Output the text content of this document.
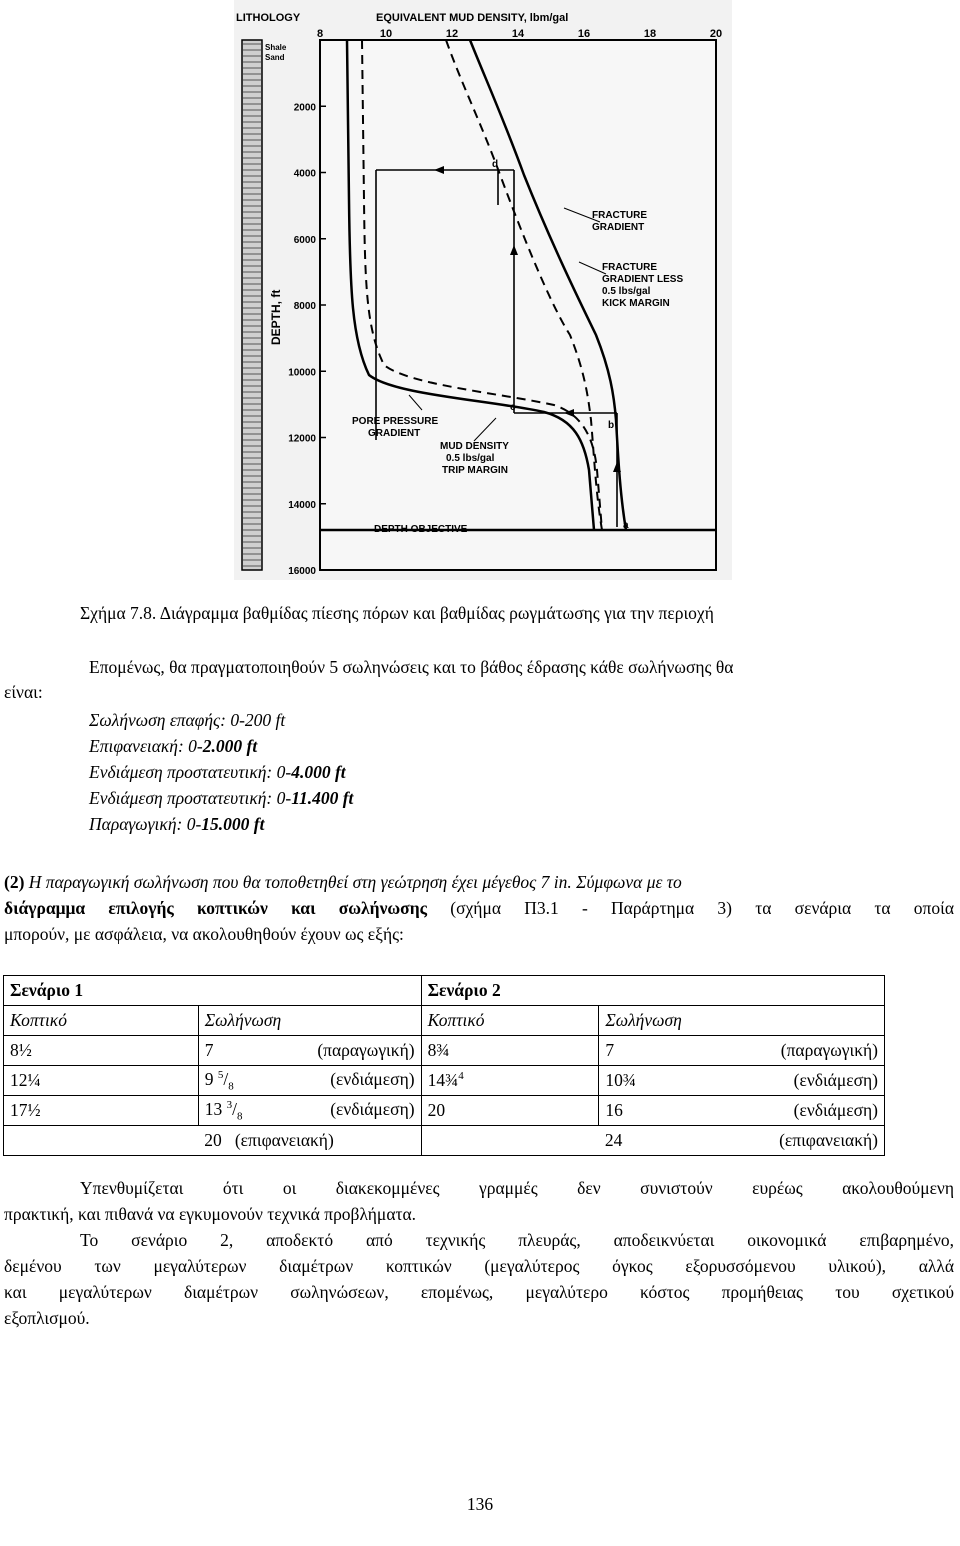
LITHOLOGY	EQUIVALENT MUD DENSITY, lbm/gal
Shale
Sand
8	10	12	14	16	18	20
2000
4000
6000
8000
10000
12000
14000
16000
DEPTH, ft
DEPTH OBJECTIVE	a
b
c
d
FRACTURE
GRADIENT
FRACTURE
GRADIENT LESS
0.5 lbs/gal
KICK MARGIN
PORE PRESSURE
GRADIENT
MUD DENSITY
0.5 lbs/gal
TRIP MARGIN
Σχήμα 7.8. Διάγραμμα βαθμίδας πίεσης πόρων και βαθμίδας ρωγμάτωσης για την περιοχή
Επομένως, θα πραγματοποιηθούν 5 σωληνώσεις και το βάθος έδρασης κάθε σωλήνωσης θα
είναι:
Σωλήνωση επαφής: 0-200 ft
Επιφανειακή: 0-2.000 ft
Ενδιάμεση προστατευτική: 0-4.000 ft
Ενδιάμεση προστατευτική: 0-11.400 ft
Παραγωγική: 0-15.000 ft
(2) Η παραγωγική σωλήνωση που θα τοποθετηθεί στη γεώτρηση έχει μέγεθος 7 in. Σύμφωνα με το
διάγραμμα επιλογής κοπτικών και σωλήνωσης (σχήμα Π3.1 - Παράρτημα 3) τα σενάρια τα οποία
μπορούν, με ασφάλεια, να ακολουθηθούν έχουν ως εξής:
Σενάριο 1		Σενάριο 2	
Κοπτικό	Σωλήνωση	Κοπτικό	Σωλήνωση
8½	7 (παραγωγική)	8¾	7 (παραγωγική)

12¼	9 $^5/_8$ (ενδιάμεση)	14¾$^4$	10¾ (ενδιάμεση)

17½	13 $^3/_8$ (ενδιάμεση)	20	16 (ενδιάμεση)

	20 (επιφανειακή)		24 (επιφανειακή)
Υπενθυμίζεται ότι οι διακεκομμένες γραμμές δεν συνιστούν ευρέως ακολουθούμενη
πρακτική, και πιθανά να εγκυμονούν τεχνικά προβλήματα.
Το σενάριο 2, αποδεκτό από τεχνικής πλευράς, αποδεικνύεται οικονομικά επιβαρημένο,
δεμένου των μεγαλύτερων διαμέτρων κοπτικών (μεγαλύτερος όγκος εξορυσσόμενου υλικού), αλλά
και μεγαλύτερων διαμέτρων σωληνώσεων, επομένως, μεγαλύτερο κόστος προμήθειας του σχετικού
εξοπλισμού.
136
